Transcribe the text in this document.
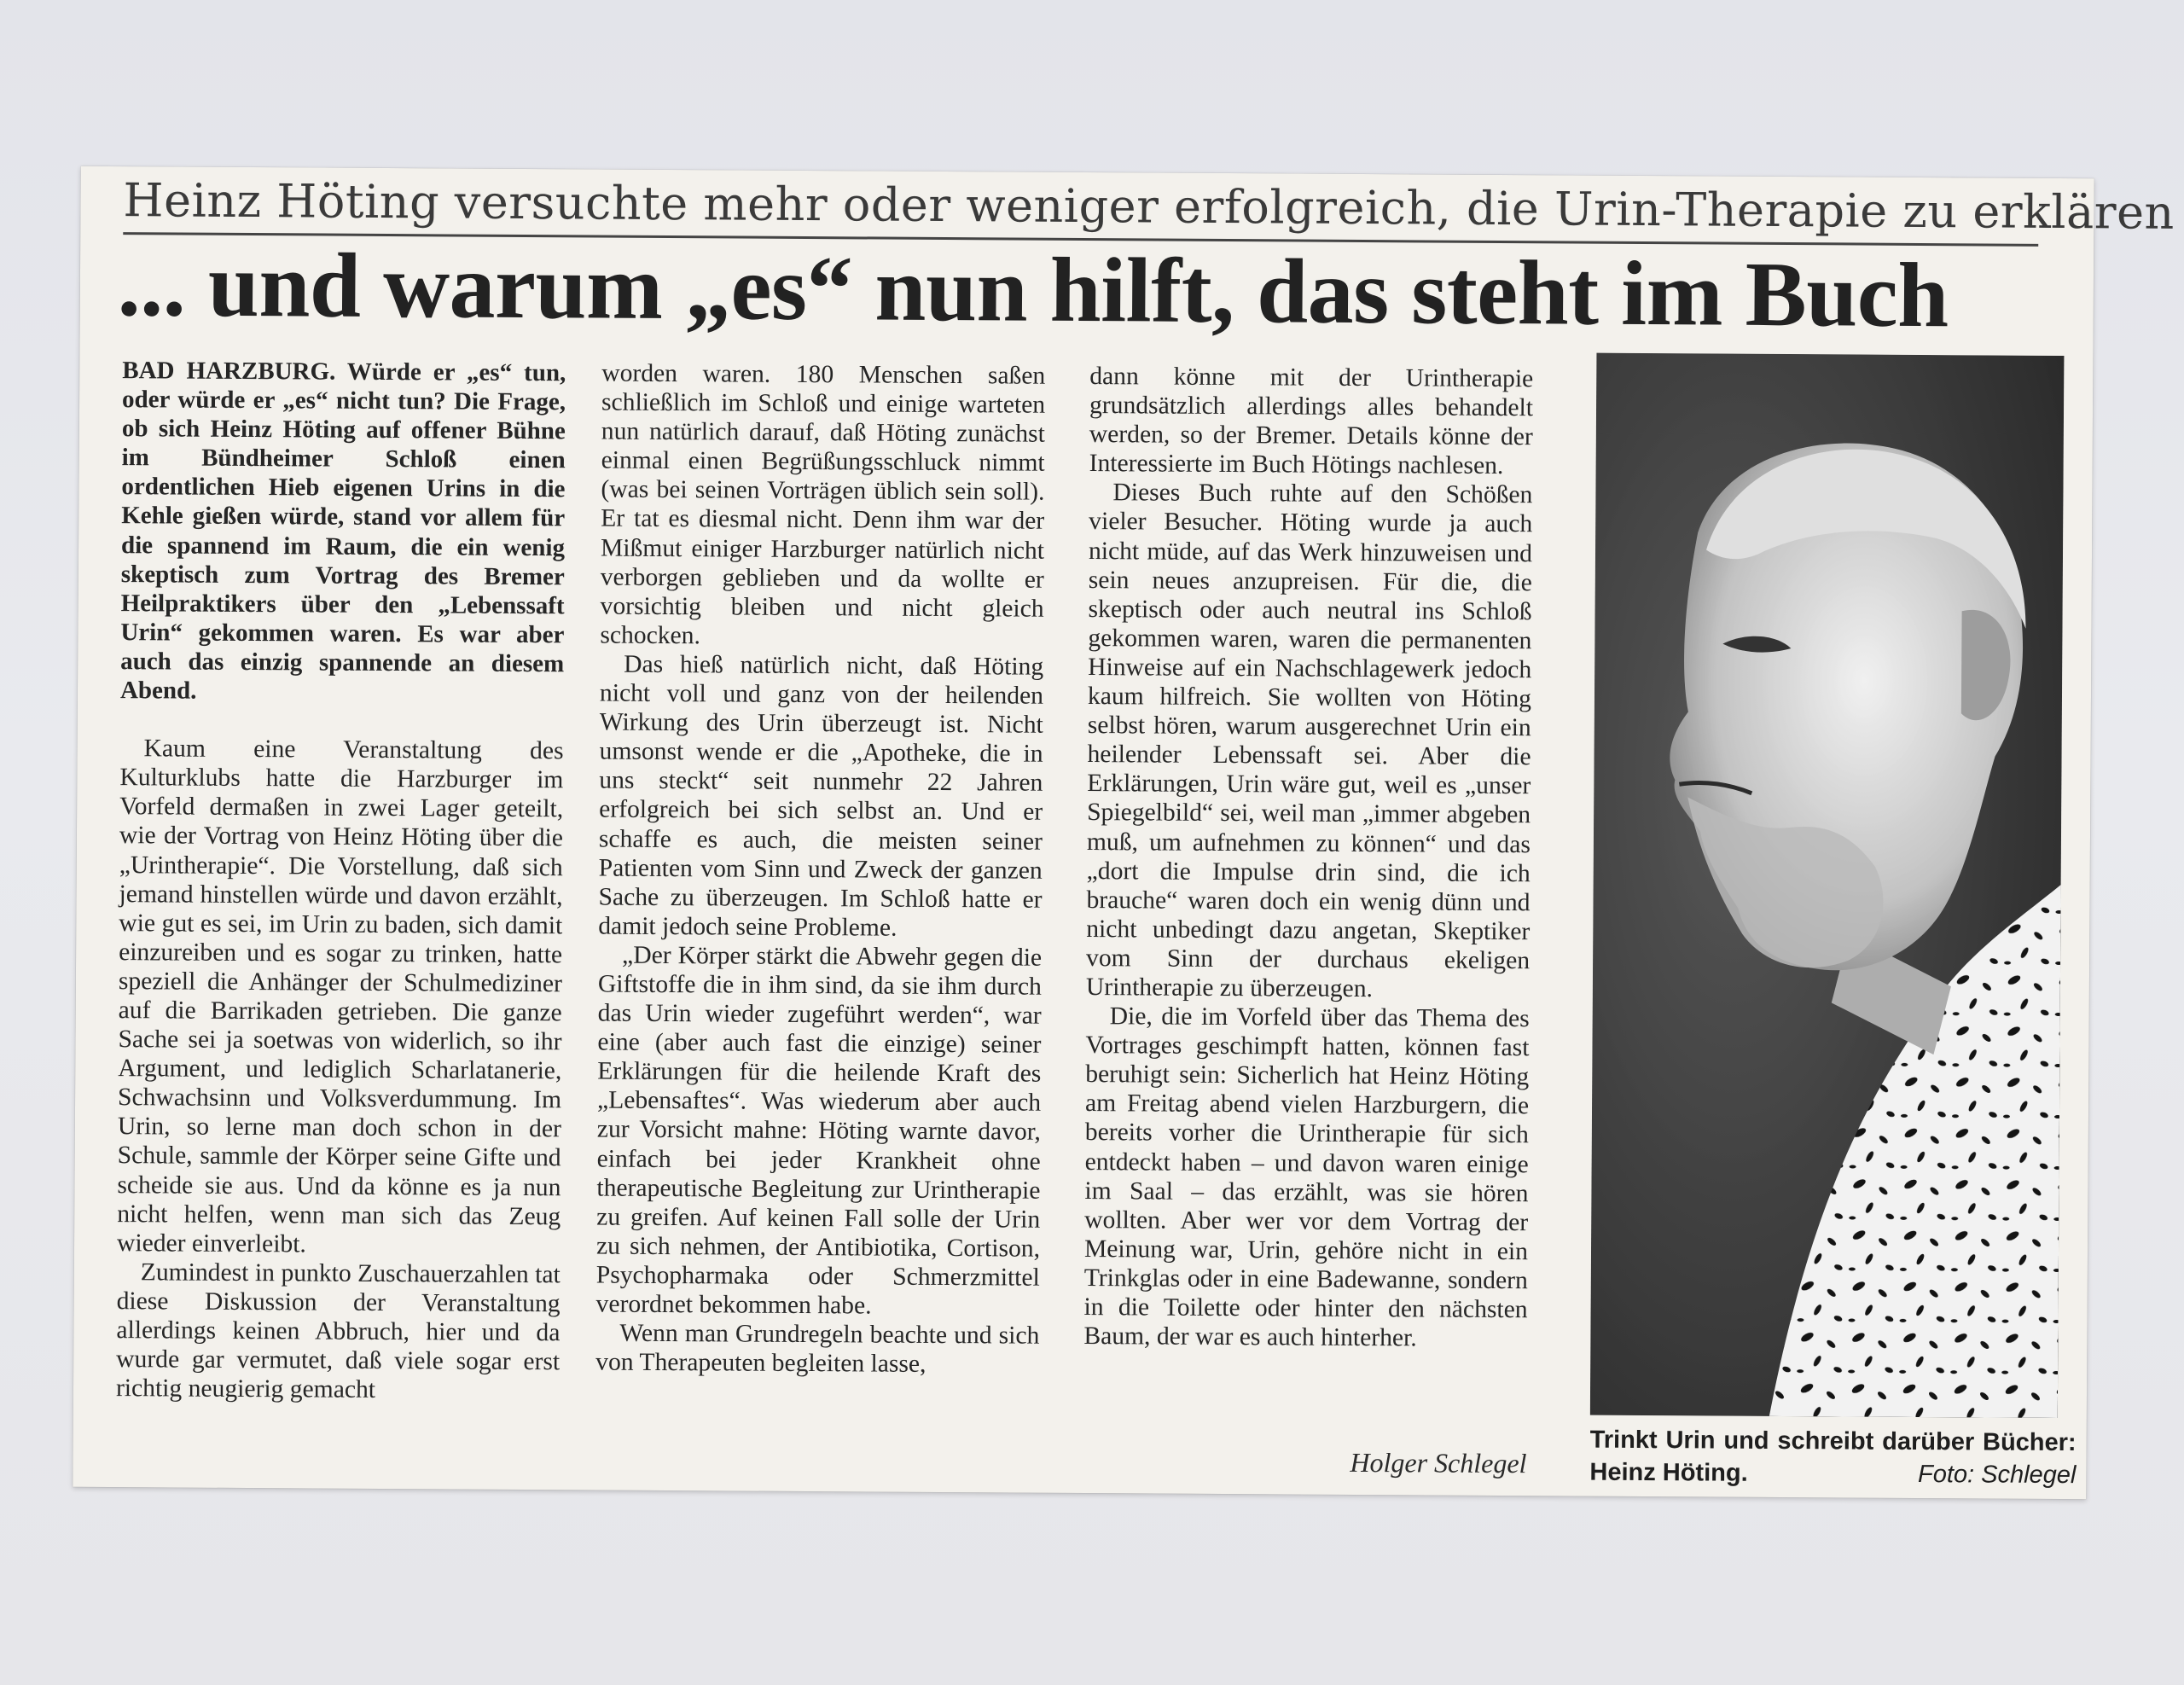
Heinz Höting versuchte mehr oder weniger erfolgreich, die Urin-Therapie zu erklären
... und warum „es“ nun hilft, das steht im Buch

BAD HARZBURG. Würde er „es“ tun, oder würde er „es“ nicht tun? Die Frage, ob sich Heinz Höting auf offener Bühne im Bündheimer Schloß einen ordentlichen Hieb eigenen Urins in die Kehle gießen würde, stand vor allem für die spannend im Raum, die ein wenig skeptisch zum Vortrag des Bremer Heilpraktikers über den „Lebenssaft Urin“ gekommen waren. Es war aber auch das einzig spannende an diesem Abend.

Kaum eine Veranstaltung des Kulturklubs hatte die Harzburger im Vorfeld dermaßen in zwei Lager geteilt, wie der Vortrag von Heinz Höting über die „Urintherapie“. Die Vorstellung, daß sich jemand hinstellen würde und davon erzählt, wie gut es sei, im Urin zu baden, sich damit einzureiben und es sogar zu trinken, hatte speziell die Anhänger der Schulmediziner auf die Barrikaden getrieben. Die ganze Sache sei ja soetwas von widerlich, so ihr Argument, und lediglich Scharlatanerie, Schwachsinn und Volksverdummung. Im Urin, so lerne man doch schon in der Schule, sammle der Körper seine Gifte und scheide sie aus. Und da könne es ja nun nicht helfen, wenn man sich das Zeug wieder einverleibt.

Zumindest in punkto Zuschauerzahlen tat diese Diskussion der Veranstaltung allerdings keinen Abbruch, hier und da wurde gar vermutet, daß viele sogar erst richtig neugierig gemacht

worden waren. 180 Menschen saßen schließlich im Schloß und einige warteten nun natürlich darauf, daß Höting zunächst einmal einen Begrüßungsschluck nimmt (was bei seinen Vorträgen üblich sein soll). Er tat es diesmal nicht. Denn ihm war der Mißmut einiger Harzburger natürlich nicht verborgen geblieben und da wollte er vorsichtig bleiben und nicht gleich schocken.

Das hieß natürlich nicht, daß Höting nicht voll und ganz von der heilenden Wirkung des Urin überzeugt ist. Nicht umsonst wende er die „Apotheke, die in uns steckt“ seit nunmehr 22 Jahren erfolgreich bei sich selbst an. Und er schaffe es auch, die meisten seiner Patienten vom Sinn und Zweck der ganzen Sache zu überzeugen. Im Schloß hatte er damit jedoch seine Probleme.

„Der Körper stärkt die Abwehr gegen die Giftstoffe die in ihm sind, da sie ihm durch das Urin wieder zugeführt werden“, war eine (aber auch fast die einzige) seiner Erklärungen für die heilende Kraft des „Lebensaftes“. Was wiederum aber auch zur Vorsicht mahne: Höting warnte davor, einfach bei jeder Krankheit ohne therapeutische Begleitung zur Urintherapie zu greifen. Auf keinen Fall solle der Urin zu sich nehmen, der Antibiotika, Cortison, Psychopharmaka oder Schmerzmittel verordnet bekommen habe.

Wenn man Grundregeln beachte und sich von Therapeuten begleiten lasse,

dann könne mit der Urintherapie grundsätzlich allerdings alles behandelt werden, so der Bremer. Details könne der Interessierte im Buch Hötings nachlesen.

Dieses Buch ruhte auf den Schößen vieler Besucher. Höting wurde ja auch nicht müde, auf das Werk hinzuweisen und sein neues anzupreisen. Für die, die skeptisch oder auch neutral ins Schloß gekommen waren, waren die permanenten Hinweise auf ein Nachschlagewerk jedoch kaum hilfreich. Sie wollten von Höting selbst hören, warum ausgerechnet Urin ein heilender Lebenssaft sei. Aber die Erklärungen, Urin wäre gut, weil es „unser Spiegelbild“ sei, weil man „immer abgeben muß, um aufnehmen zu können“ und das „dort die Impulse drin sind, die ich brauche“ waren doch ein wenig dünn und nicht unbedingt dazu angetan, Skeptiker vom Sinn der durchaus ekeligen Urintherapie zu überzeugen.

Die, die im Vorfeld über das Thema des Vortrages geschimpft hatten, können fast beruhigt sein: Sicherlich hat Heinz Höting am Freitag abend vielen Harzburgern, die bereits vorher die Urintherapie für sich entdeckt haben – und davon waren einige im Saal – das erzählt, was sie hören wollten. Aber wer vor dem Vortrag der Meinung war, Urin, gehöre nicht in ein Trinkglas oder in eine Badewanne, sondern in die Toilette oder hinter den nächsten Baum, der war es auch hinterher.

Holger Schlegel
Trinkt Urin und schreibt darüber Bücher: Heinz Höting.	Foto: Schlegel
